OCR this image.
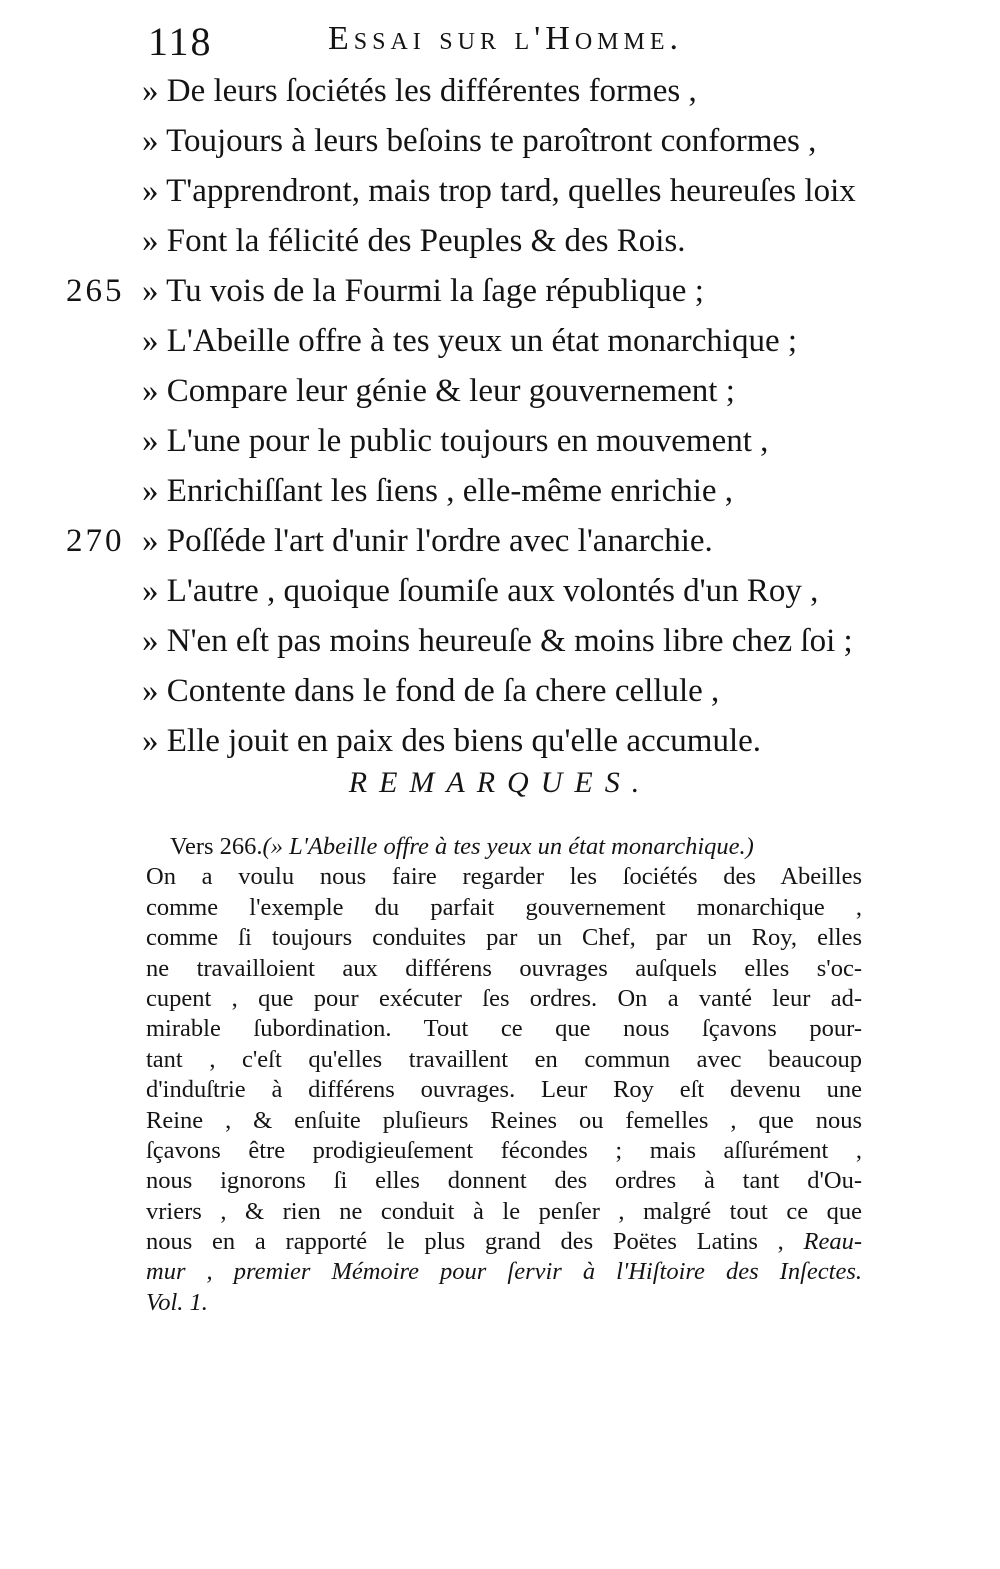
118	Essai sur l'Homme.
» De leurs ſociétés les différentes formes ,
» Toujours à leurs beſoins te paroîtront conformes ,
» T'apprendront, mais trop tard, quelles heureuſes loix
» Font la félicité des Peuples & des Rois.
265 » Tu vois de la Fourmi la ſage république ;
» L'Abeille offre à tes yeux un état monarchique ;
» Compare leur génie & leur gouvernement ;
» L'une pour le public toujours en mouvement ,
» Enrichiſſant les ſiens , elle-même enrichie ,
270 » Poſſéde l'art d'unir l'ordre avec l'anarchie.
» L'autre , quoique ſoumiſe aux volontés d'un Roy ,
» N'en eſt pas moins heureuſe & moins libre chez ſoi ;
» Contente dans le fond de ſa chere cellule ,
» Elle jouit en paix des biens qu'elle accumule.
REMARQUES.
Vers 266.(» L'Abeille offre à tes yeux un état monarchique.)
On a voulu nous faire regarder les ſociétés des Abeilles
comme l'exemple du parfait gouvernement monarchique ,
comme ſi toujours conduites par un Chef, par un Roy, elles
ne travailloient aux différens ouvrages auſquels elles s'oc-
cupent , que pour exécuter ſes ordres. On a vanté leur ad-
mirable ſubordination. Tout ce que nous ſçavons pour-
tant , c'eſt qu'elles travaillent en commun avec beaucoup
d'induſtrie à différens ouvrages. Leur Roy eſt devenu une
Reine , & enſuite pluſieurs Reines ou femelles , que nous
ſçavons être prodigieuſement fécondes ; mais aſſurément ,
nous ignorons ſi elles donnent des ordres à tant d'Ou-
vriers , & rien ne conduit à le penſer , malgré tout ce que
nous en a rapporté le plus grand des Poëtes Latins , Reau-
mur , premier Mémoire pour ſervir à l'Hiſtoire des Inſectes.
Vol. 1.
